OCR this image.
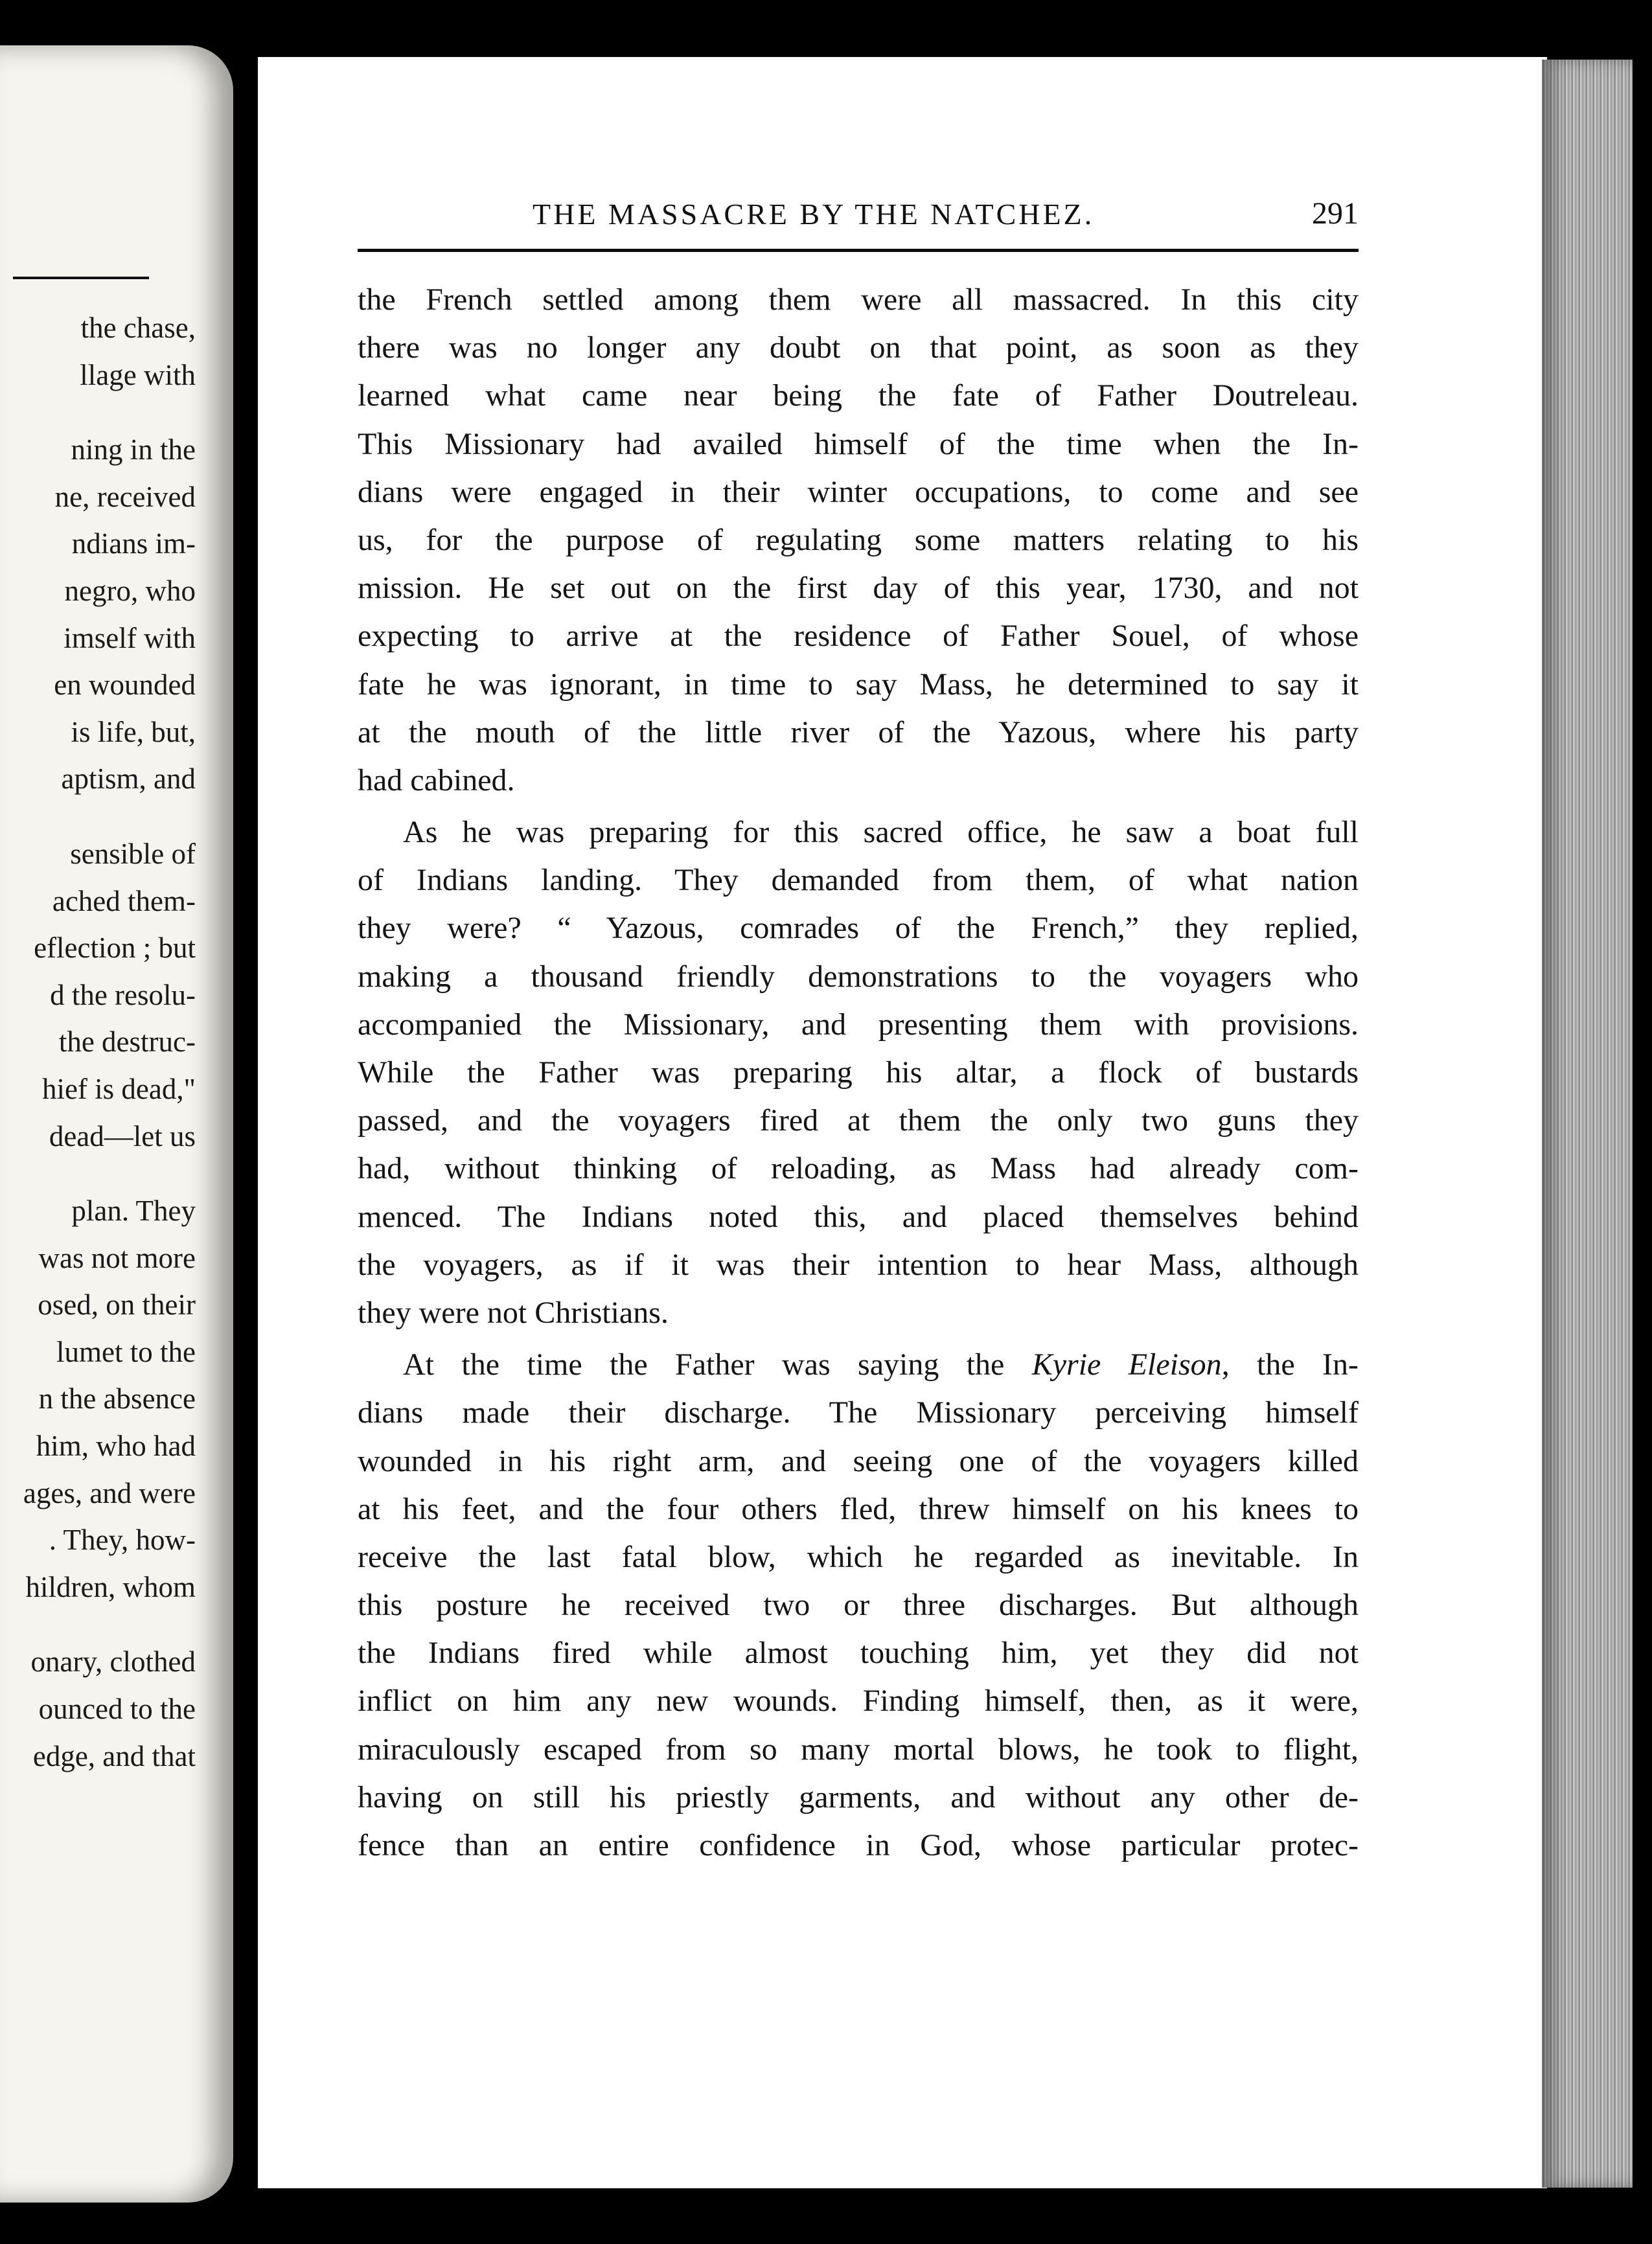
the chase,
llage with
ning in the
ne, received
ndians im-
negro, who
imself with
en wounded
is life, but,
aptism, and
sensible of
ached them-
eflection ; but
d the resolu-
the destruc-
hief is dead,"
dead—let us
plan. They
was not more
osed, on their
lumet to the
n the absence
him, who had
ages, and were
. They, how-
hildren, whom
onary, clothed
ounced to the
edge, and that
THE MASSACRE BY THE NATCHEZ.	291
the French settled among them were all massacred. In this city
there was no longer any doubt on that point, as soon as they
learned what came near being the fate of Father Doutreleau.
This Missionary had availed himself of the time when the In-
dians were engaged in their winter occupations, to come and see
us, for the purpose of regulating some matters relating to his
mission. He set out on the first day of this year, 1730, and not
expecting to arrive at the residence of Father Souel, of whose
fate he was ignorant, in time to say Mass, he determined to say it
at the mouth of the little river of the Yazous, where his party
had cabined.
As he was preparing for this sacred office, he saw a boat full
of Indians landing. They demanded from them, of what nation
they were? “ Yazous, comrades of the French,” they replied,
making a thousand friendly demonstrations to the voyagers who
accompanied the Missionary, and presenting them with provisions.
While the Father was preparing his altar, a flock of bustards
passed, and the voyagers fired at them the only two guns they
had, without thinking of reloading, as Mass had already com-
menced. The Indians noted this, and placed themselves behind
the voyagers, as if it was their intention to hear Mass, although
they were not Christians.
At the time the Father was saying the Kyrie Eleison, the In-
dians made their discharge. The Missionary perceiving himself
wounded in his right arm, and seeing one of the voyagers killed
at his feet, and the four others fled, threw himself on his knees to
receive the last fatal blow, which he regarded as inevitable. In
this posture he received two or three discharges. But although
the Indians fired while almost touching him, yet they did not
inflict on him any new wounds. Finding himself, then, as it were,
miraculously escaped from so many mortal blows, he took to flight,
having on still his priestly garments, and without any other de-
fence than an entire confidence in God, whose particular protec-
